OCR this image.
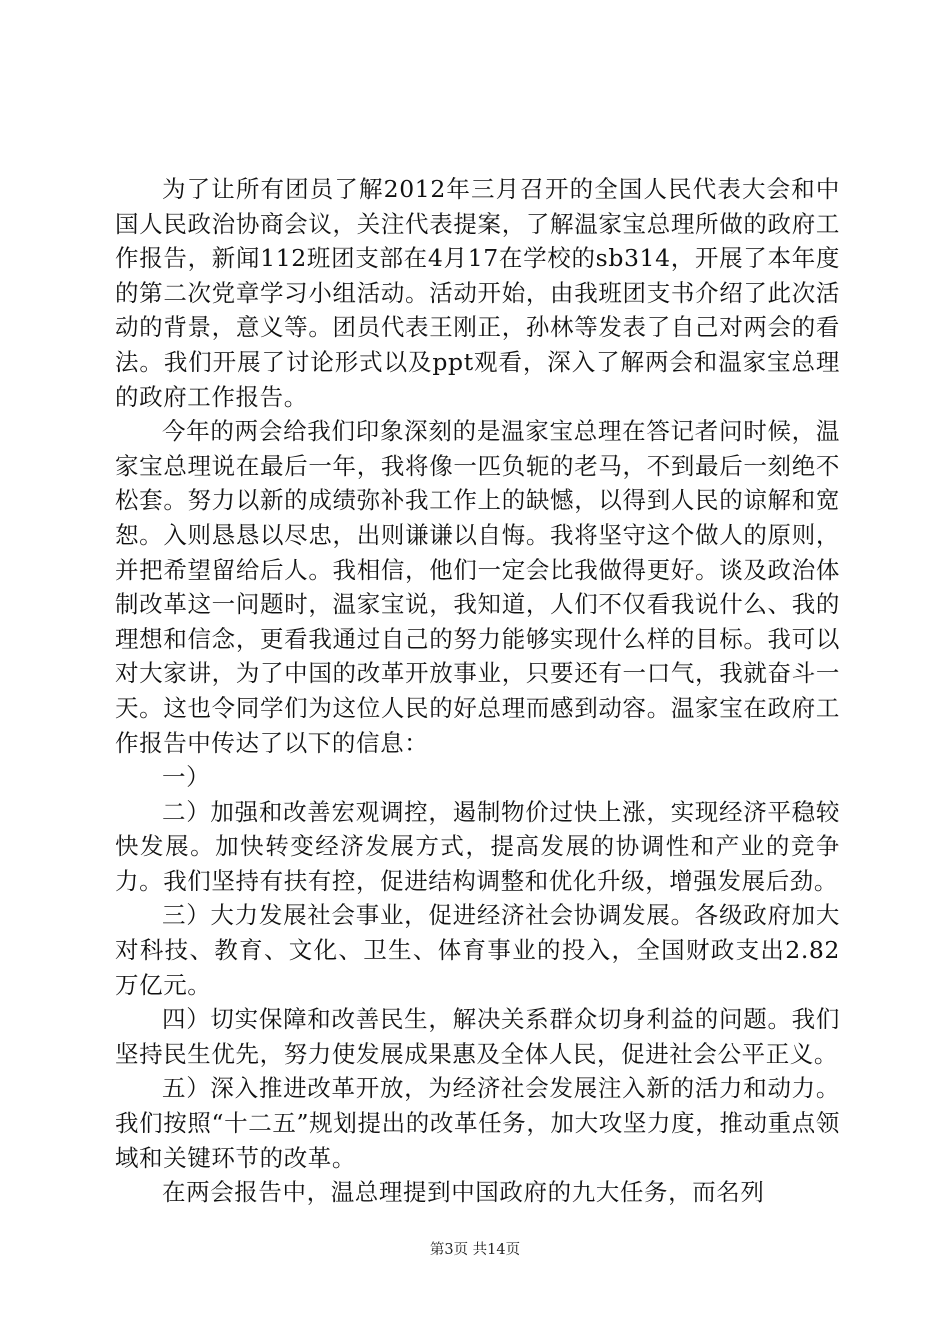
为了让所有团员了解2012年三月召开的全国人民代表大会和中国人民政治协商会议，关注代表提案，了解温家宝总理所做的政府工作报告，新闻112班团支部在4月17在学校的sb314，开展了本年度的第二次党章学习小组活动。活动开始，由我班团支书介绍了此次活动的背景，意义等。团员代表王刚正，孙林等发表了自己对两会的看法。我们开展了讨论形式以及ppt观看，深入了解两会和温家宝总理的政府工作报告。

今年的两会给我们印象深刻的是温家宝总理在答记者问时候，温家宝总理说在最后一年，我将像一匹负轭的老马，不到最后一刻绝不松套。努力以新的成绩弥补我工作上的缺憾，以得到人民的谅解和宽恕。入则恳恳以尽忠，出则谦谦以自悔。我将坚守这个做人的原则，并把希望留给后人。我相信，他们一定会比我做得更好。谈及政治体制改革这一问题时，温家宝说，我知道，人们不仅看我说什么、我的理想和信念，更看我通过自己的努力能够实现什么样的目标。我可以对大家讲，为了中国的改革开放事业，只要还有一口气，我就奋斗一天。这也令同学们为这位人民的好总理而感到动容。温家宝在政府工作报告中传达了以下的信息：

一）

二）加强和改善宏观调控，遏制物价过快上涨，实现经济平稳较快发展。加快转变经济发展方式，提高发展的协调性和产业的竞争力。我们坚持有扶有控，促进结构调整和优化升级，增强发展后劲。

三）大力发展社会事业，促进经济社会协调发展。各级政府加大对科技、教育、文化、卫生、体育事业的投入，全国财政支出2.82万亿元。

四）切实保障和改善民生，解决关系群众切身利益的问题。我们坚持民生优先，努力使发展成果惠及全体人民，促进社会公平正义。

五）深入推进改革开放，为经济社会发展注入新的活力和动力。我们按照“十二五”规划提出的改革任务，加大攻坚力度，推动重点领域和关键环节的改革。

在两会报告中，温总理提到中国政府的九大任务，而名列

第3页 共14页
